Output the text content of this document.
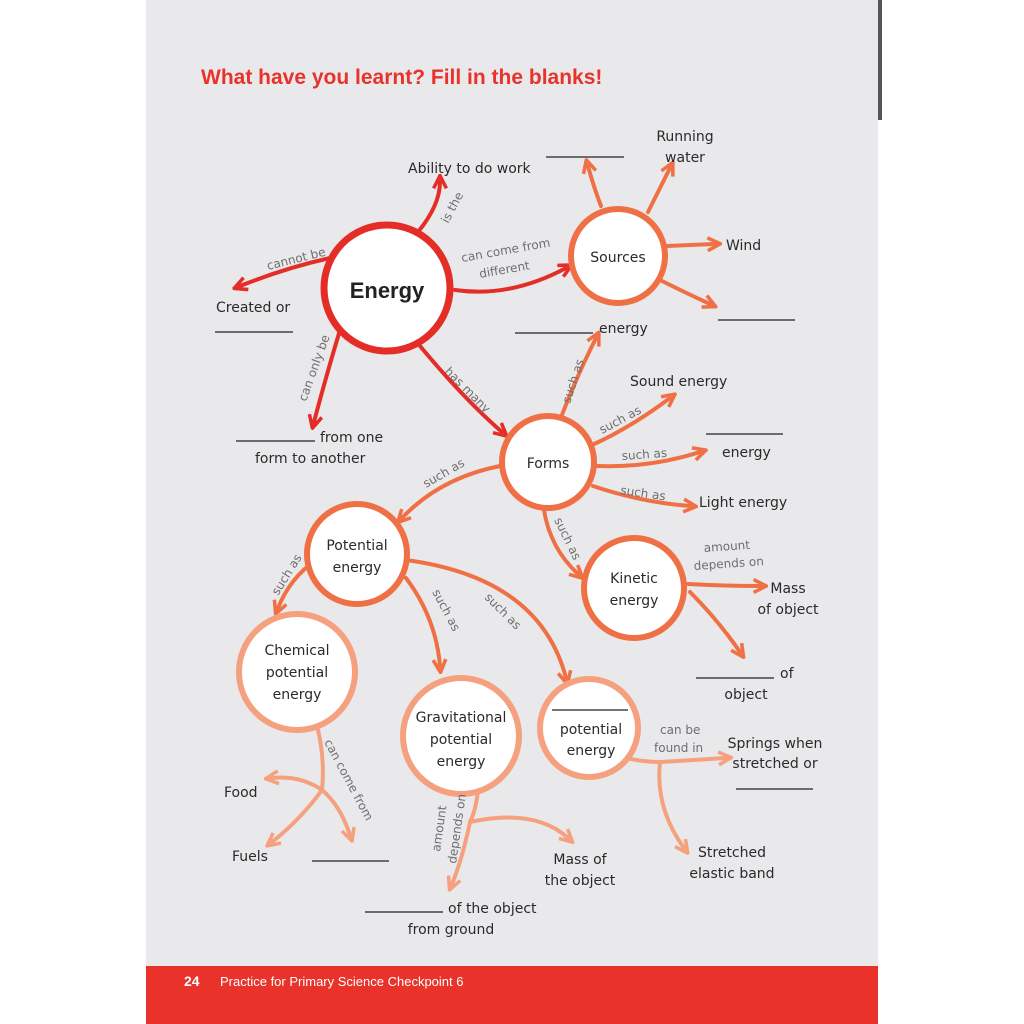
What have you learnt? Fill in the blanks!
Energy
Sources
Forms
Potential
energy
Kinetic
energy
Chemical
potential
energy
Gravitational
potential
energy
potential
energy
is the
cannot be	can come from
different
can only be	has many	such as
such as
such as
such as
such as
such as
such as
such as such as
amount
depends on
can come from
amount
depends on
can be
found in
Ability to do work
Running
water
Wind
Created or
from one
form to another
energy
Sound energy
energy
Light energy
Mass
of object
of
object
Springs when
stretched or
Stretched
elastic band
Food
Fuels	Mass of
the object
of the object
from ground
24 Practice for Primary Science Checkpoint 6
